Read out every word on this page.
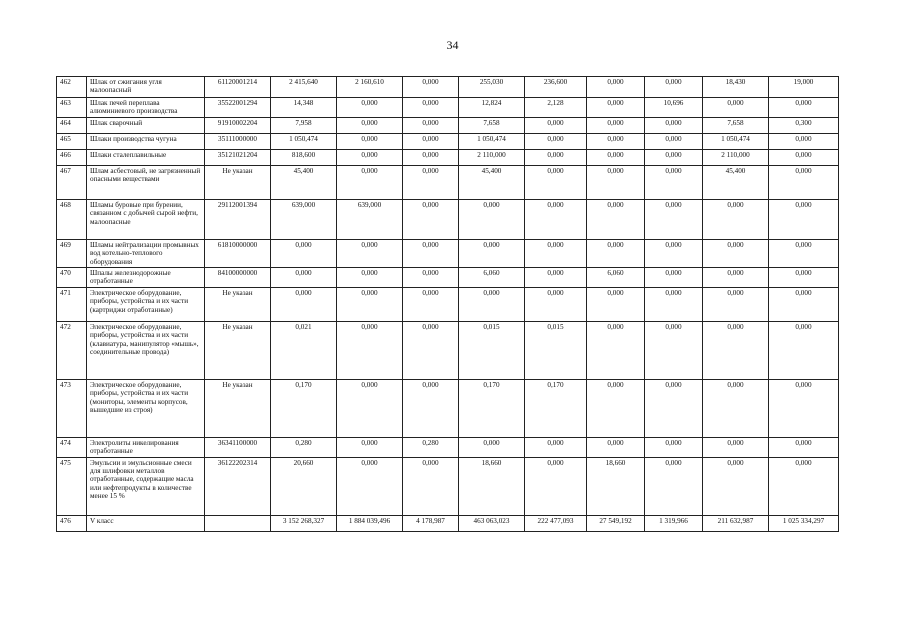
34
462	Шлак от сжигания угля малоопасный	61120001214	2 415,640	2 160,610	0,000	255,030	236,600	0,000	0,000	18,430	19,000
463	Шлак печей переплава алюминиевого производства	35522001294	14,348	0,000	0,000	12,824	2,128	0,000	10,696	0,000	0,000
464	Шлак сварочный	91910002204	7,958	0,000	0,000	7,658	0,000	0,000	0,000	7,658	0,300
465	Шлаки производства чугуна	35111000000	1 050,474	0,000	0,000	1 050,474	0,000	0,000	0,000	1 050,474	0,000
466	Шлаки сталеплавильные	35121021204	818,600	0,000	0,000	2 110,000	0,000	0,000	0,000	2 110,000	0,000
467	Шлам асбестовый, не загрязненный опасными веществами	Не указан	45,400	0,000	0,000	45,400	0,000	0,000	0,000	45,400	0,000
468	Шламы буровые при бурении, связанном с добычей сырой нефти, малоопасные	29112001394	639,000	639,000	0,000	0,000	0,000	0,000	0,000	0,000	0,000
469	Шламы нейтрализации промывных вод котельно-теплового оборудования	61810000000	0,000	0,000	0,000	0,000	0,000	0,000	0,000	0,000	0,000
470	Шпалы железнодорожные отработанные	84100000000	0,000	0,000	0,000	6,060	0,000	6,060	0,000	0,000	0,000
471	Электрическое оборудование, приборы, устройства и их части (картриджи отработанные)	Не указан	0,000	0,000	0,000	0,000	0,000	0,000	0,000	0,000	0,000
472	Электрическое оборудование, приборы, устройства и их части (клавиатура, манипулятор «мышь», соединительные провода)	Не указан	0,021	0,000	0,000	0,015	0,015	0,000	0,000	0,000	0,000
473	Электрическое оборудование, приборы, устройства и их части (мониторы, элементы корпусов, вышедшие из строя)	Не указан	0,170	0,000	0,000	0,170	0,170	0,000	0,000	0,000	0,000
474	Электролиты никелирования отработанные	36341100000	0,280	0,000	0,280	0,000	0,000	0,000	0,000	0,000	0,000
475	Эмульсии и эмульсионные смеси для шлифовки металлов отработанные, содержащие масла или нефтепродукты в количестве менее 15 %	36122202314	20,660	0,000	0,000	18,660	0,000	18,660	0,000	0,000	0,000
476	V класс		3 152 268,327	1 884 039,496	4 178,987	463 063,023	222 477,093	27 549,192	1 319,966	211 632,987	1 025 334,297
